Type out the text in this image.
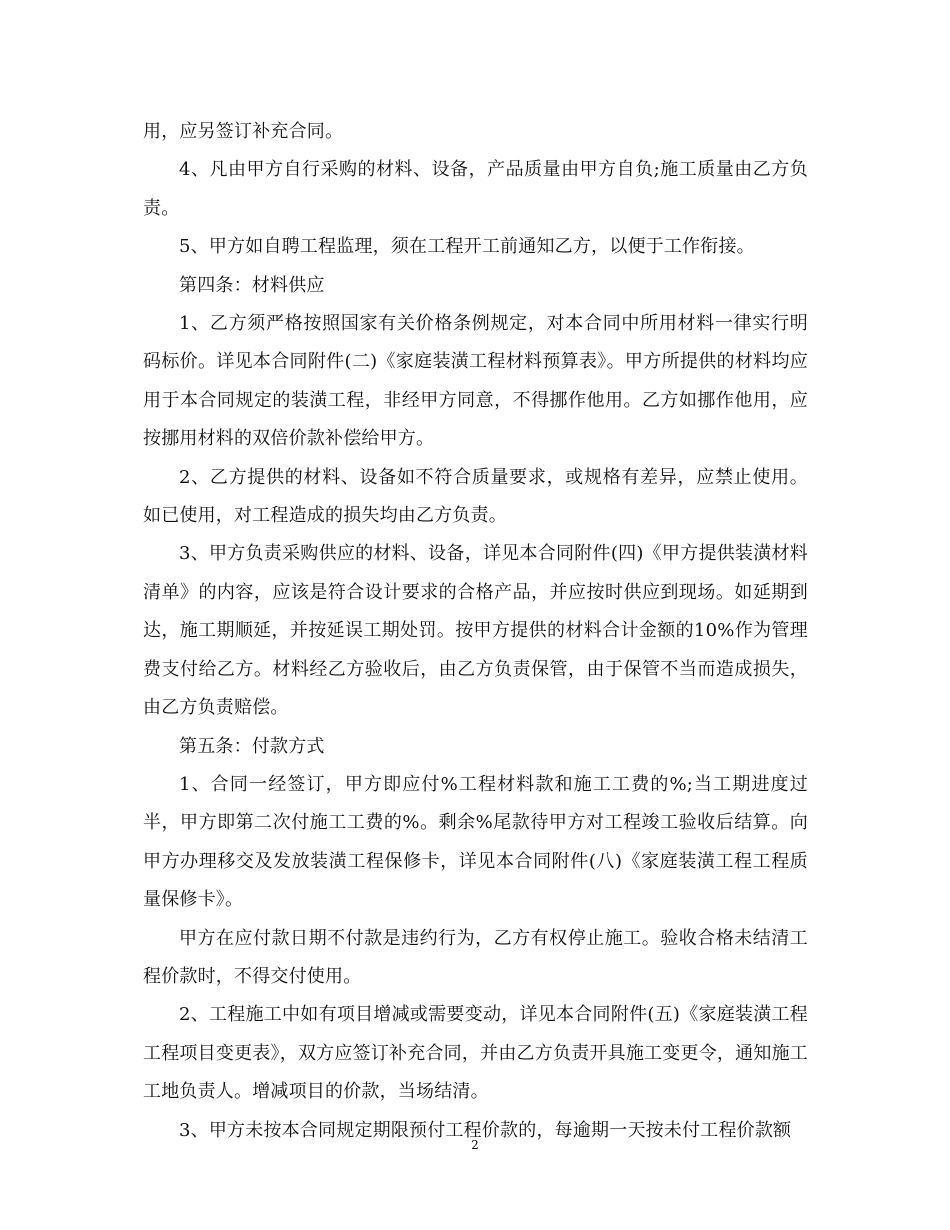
用，应另签订补充合同。

4、凡由甲方自行采购的材料、设备，产品质量由甲方自负;施工质量由乙方负责。

5、甲方如自聘工程监理，须在工程开工前通知乙方，以便于工作衔接。

第四条：材料供应

1、乙方须严格按照国家有关价格条例规定，对本合同中所用材料一律实行明码标价。详见本合同附件(二)《家庭装潢工程材料预算表》。甲方所提供的材料均应用于本合同规定的装潢工程，非经甲方同意，不得挪作他用。乙方如挪作他用，应按挪用材料的双倍价款补偿给甲方。

2、乙方提供的材料、设备如不符合质量要求，或规格有差异，应禁止使用。如已使用，对工程造成的损失均由乙方负责。

3、甲方负责采购供应的材料、设备，详见本合同附件(四)《甲方提供装潢材料清单》的内容，应该是符合设计要求的合格产品，并应按时供应到现场。如延期到达，施工期顺延，并按延误工期处罚。按甲方提供的材料合计金额的10%作为管理费支付给乙方。材料经乙方验收后，由乙方负责保管，由于保管不当而造成损失，由乙方负责赔偿。

第五条：付款方式

1、合同一经签订，甲方即应付%工程材料款和施工工费的%;当工期进度过半，甲方即第二次付施工工费的%。剩余%尾款待甲方对工程竣工验收后结算。向甲方办理移交及发放装潢工程保修卡，详见本合同附件(八)《家庭装潢工程工程质量保修卡》。

甲方在应付款日期不付款是违约行为，乙方有权停止施工。验收合格未结清工程价款时，不得交付使用。

2、工程施工中如有项目增减或需要变动，详见本合同附件(五)《家庭装潢工程工程项目变更表》，双方应签订补充合同，并由乙方负责开具施工变更令，通知施工工地负责人。增减项目的价款，当场结清。

3、甲方未按本合同规定期限预付工程价款的，每逾期一天按未付工程价款额

2
